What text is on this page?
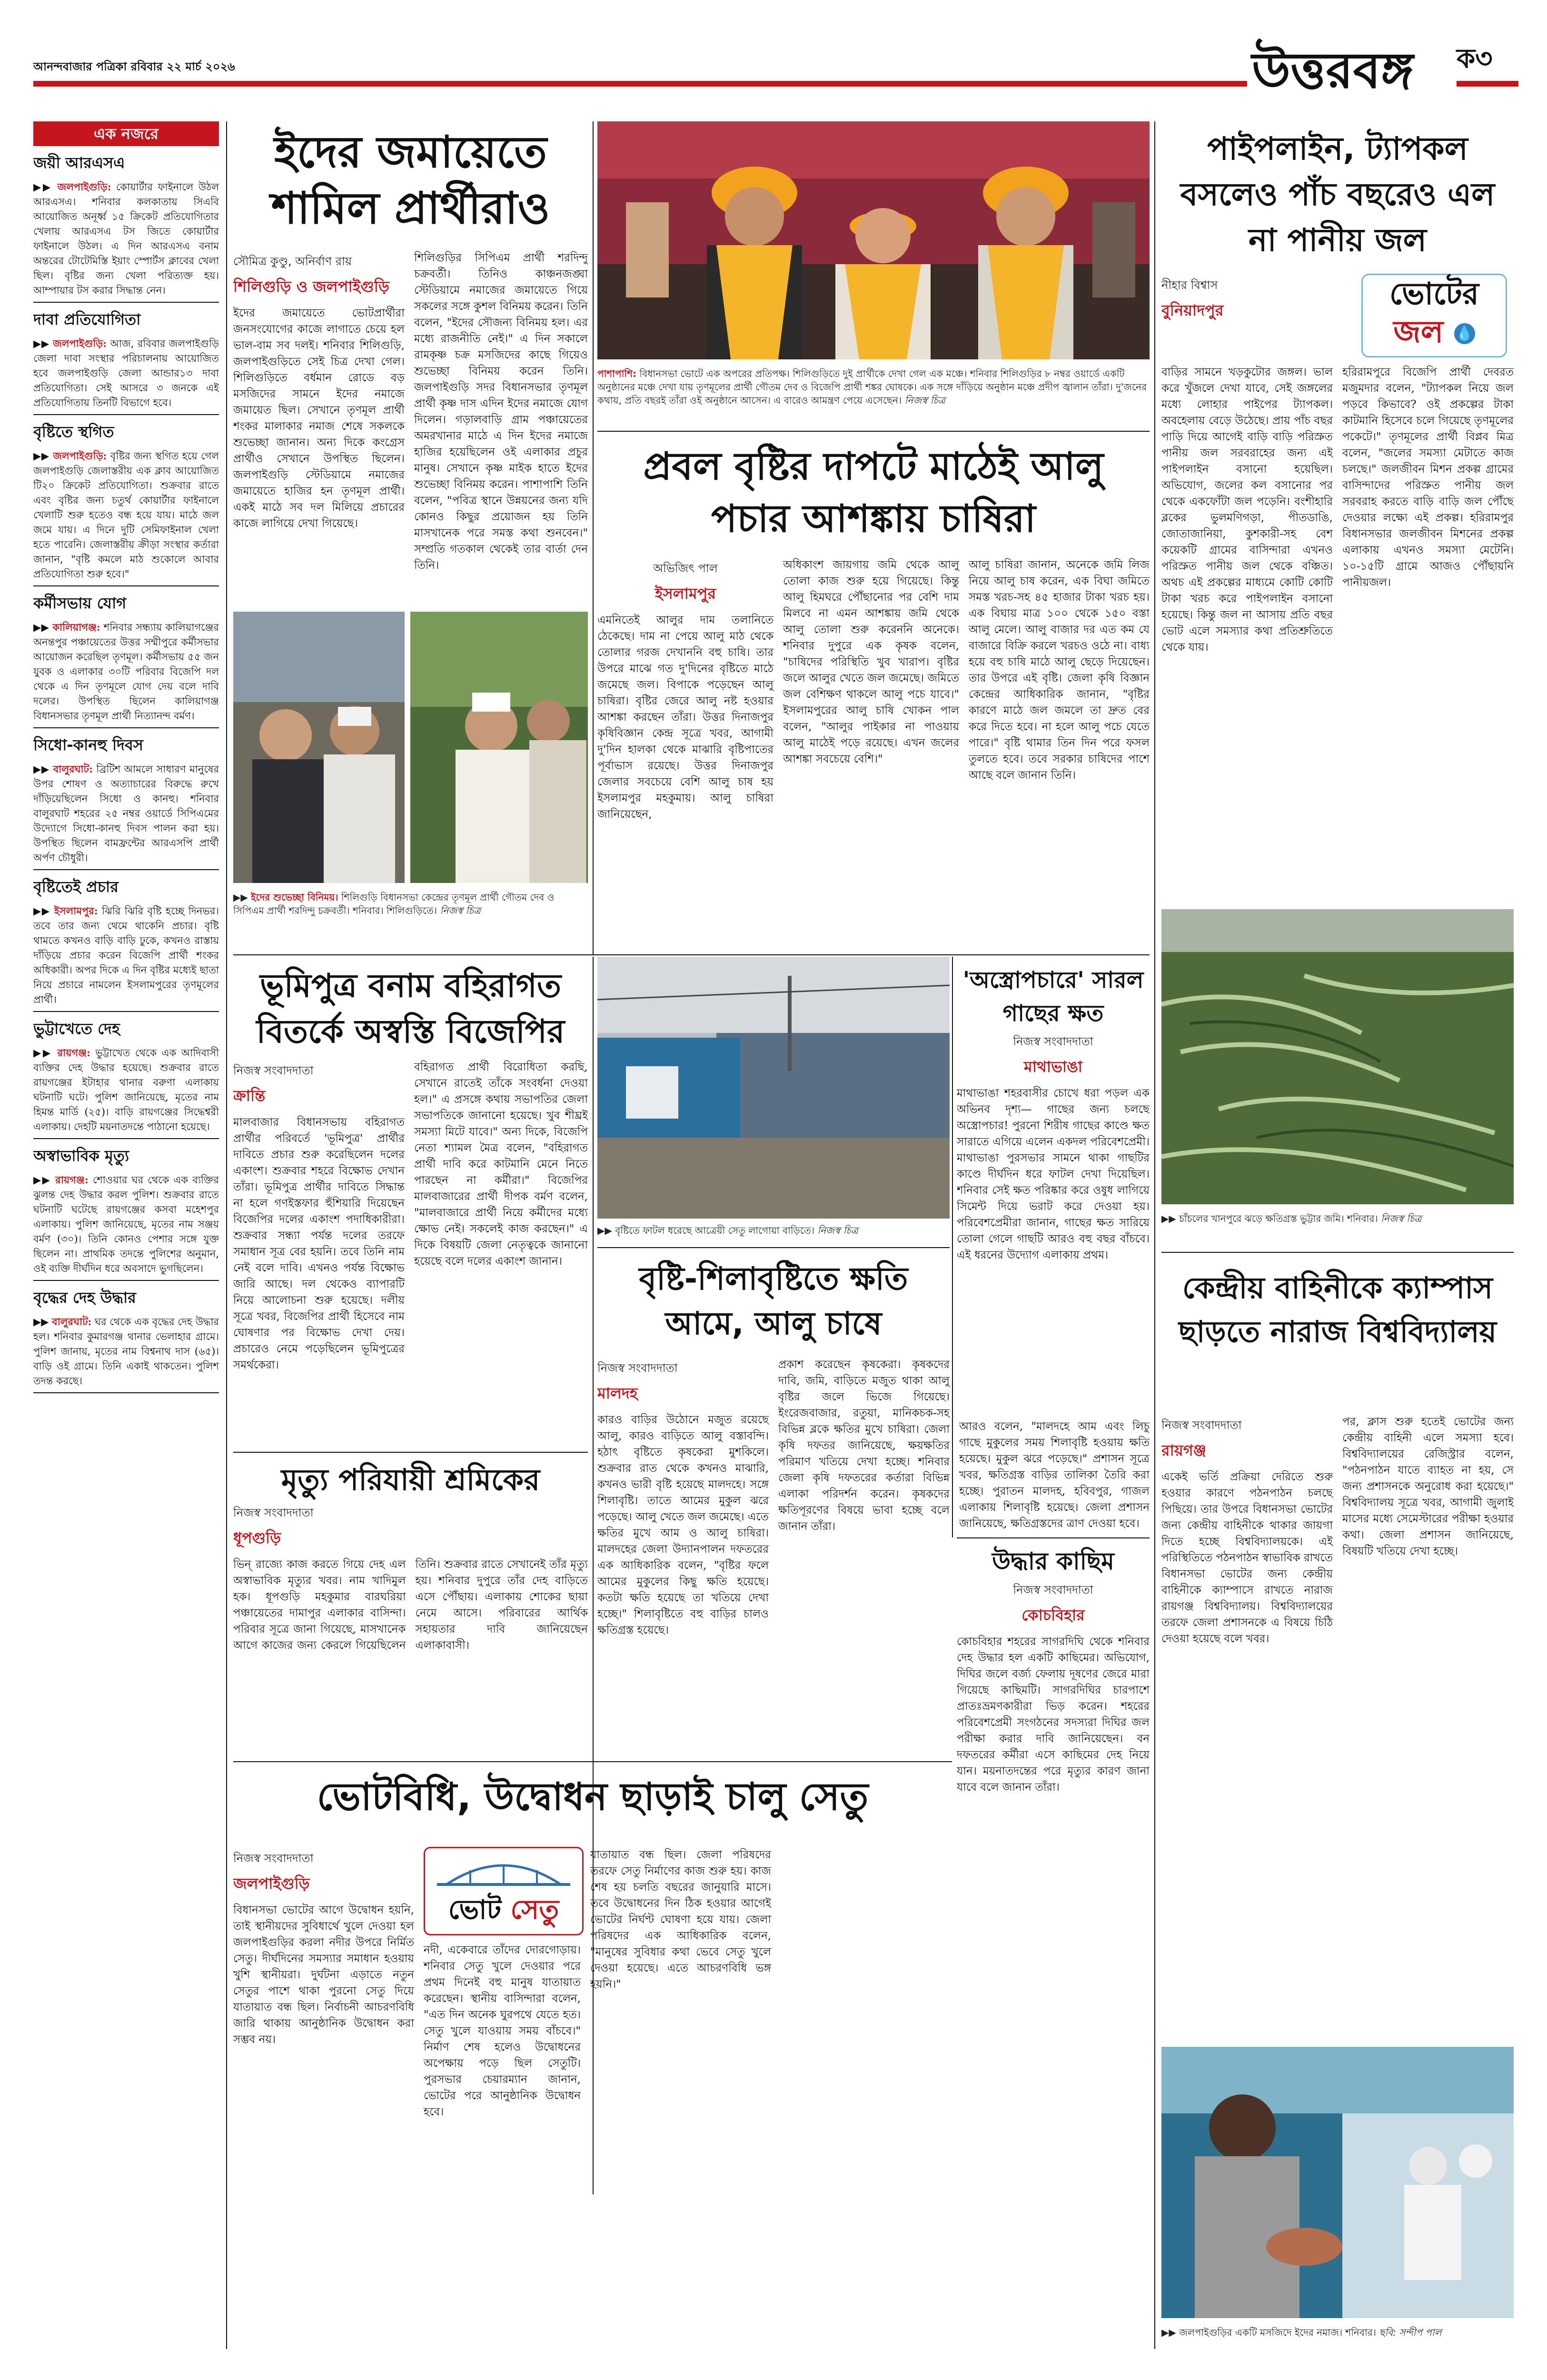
আনন্দবাজার পত্রিকা রবিবার ২২ মার্চ ২০২৬	উত্তরবঙ্গ ক৩
এক নজরে
জয়ী আরএসএ

▶▶ জলপাইগুড়ি: কোয়ার্টার ফাইনালে উঠল আরএসএ। শনিবার কলকাতায় সিএবি আয়োজিত অনূর্ধ্ব ১৫ ক্রিকেট প্রতিযোগিতার খেলায় আরএসএ টস জিতে কোয়ার্টার ফাইনালে উঠল। এ দিন আরএসএ বনাম অন্তরের টোটেমিস্তি ইয়াং স্পোর্টস ক্লাবের খেলা ছিল। বৃষ্টির জন্য খেলা পরিত্যক্ত হয়। আম্পায়ার টস করার সিদ্ধান্ত নেন।

দাবা প্রতিযোগিতা

▶▶ জলপাইগুড়ি: আজ, রবিবার জলপাইগুড়ি জেলা দাবা সংস্থার পরিচালনায় আয়োজিত হবে জলপাইগুড়ি জেলা আন্ডার১৩ দাবা প্রতিযোগিতা। সেই আসরে ৩ জনকে এই প্রতিযোগিতায় তিনটি বিভাগে হবে।

বৃষ্টিতে স্থগিত

▶▶ জলপাইগুড়ি: বৃষ্টির জন্য স্থগিত হয়ে গেল জলপাইগুড়ি জেলাস্তরীয় এক ক্লাব আয়োজিত টি২০ ক্রিকেট প্রতিযোগিতা। শুক্রবার রাতে এবং বৃষ্টির জন্য চতুর্থ কোয়ার্টার ফাইনালে খেলাটি শুরু হতেও বন্ধ হয়ে যায়। মাঠে জল জমে যায়। এ দিনে দুটি সেমিফাইনাল খেলা হতে পারেনি। জেলাস্তরীয় ক্রীড়া সংস্থার কর্তারা জানান, "বৃষ্টি কমলে মাঠ শুকোলে আবার প্রতিযোগিতা শুরু হবে।"

কর্মীসভায় যোগ

▶▶ কালিয়াগঞ্জ: শনিবার সন্ধ্যায় কালিয়াগঞ্জের অনন্তপুর পঞ্চায়েতের উত্তর সম্মীপুরে কর্মীসভার আয়োজন করেছিল তৃণমূল। কর্মীসভায় ৫৫ জন যুবক ও এলাকার ৩০টি পরিবার বিজেপি দল থেকে এ দিন তৃণমূলে যোগ দেয় বলে দাবি দলের। উপস্থিত ছিলেন কালিয়াগঞ্জ বিধানসভার তৃণমূল প্রার্থী নিত্যানন্দ বর্মণ।

সিধো-কানহু দিবস

▶▶ বালুরঘাট: ব্রিটিশ আমলে সাধারণ মানুষের উপর শোষণ ও অত্যাচারের বিরুদ্ধে রুখে দাঁড়িয়েছিলেন সিধো ও কানহু। শনিবার বালুরঘাট শহরের ২৫ নম্বর ওয়ার্ডে সিপিএমের উদ্যোগে সিধো-কানহু দিবস পালন করা হয়। উপস্থিত ছিলেন বামফ্রন্টের আরএসপি প্রার্থী অর্পণ চৌধুরী।

বৃষ্টিতেই প্রচার

▶▶ ইসলামপুর: ঝিরি ঝিরি বৃষ্টি হচ্ছে দিনভর। তবে তার জন্য থেমে থাকেনি প্রচার। বৃষ্টি থামতে কখনও বাড়ি বাড়ি ঢুকে, কখনও রাস্তায় দাঁড়িয়ে প্রচার করেন বিজেপি প্রার্থী শংকর অধিকারী। অপর দিকে এ দিন বৃষ্টির মধ্যেই ছাতা নিয়ে প্রচারে নামলেন ইসলামপুরের তৃণমূলের প্রার্থী।

ভুট্টাখেতে দেহ

▶▶ রায়গঞ্জ: ভুট্টাখেত থেকে এক আদিবাসী ব্যক্তির দেহ উদ্ধার হয়েছে। শুক্রবার রাতে রায়গঞ্জের ইটাহার থানার বরুণা এলাকায় ঘটনাটি ঘটে। পুলিশ জানিয়েছে, মৃতের নাম হিমন্ত মার্ডি (২৫)। বাড়ি রায়গঞ্জের সিদ্ধেশ্বরী এলাকায়। দেহটি ময়নাতদন্তে পাঠানো হয়েছে।

অস্বাভাবিক মৃত্যু

▶▶ রায়গঞ্জ: শোওয়ার ঘর থেকে এক ব্যক্তির ঝুলন্ত দেহ উদ্ধার করল পুলিশ। শুক্রবার রাতে ঘটনাটি ঘটেছে রায়গঞ্জের কসবা মহেশপুর এলাকায়। পুলিশ জানিয়েছে, মৃতের নাম সঞ্জয় বর্মণ (৩০)। তিনি কোনও পেশার সঙ্গে যুক্ত ছিলেন না। প্রাথমিক তদন্তে পুলিশের অনুমান, ওই ব্যক্তি দীর্ঘদিন ধরে অবসাদে ভুগছিলেন।

বৃদ্ধের দেহ উদ্ধার

▶▶ বালুরঘাট: ঘর থেকে এক বৃদ্ধের দেহ উদ্ধার হল। শনিবার কুমারগঞ্জ থানার ভেলাহার গ্রামে। পুলিশ জানায়, মৃতের নাম বিশ্বনাথ দাস (৬৫)। বাড়ি ওই গ্রামে। তিনি একাই থাকতেন। পুলিশ তদন্ত করছে।

ইদের জমায়েতে শামিল প্রার্থীরাও
সৌমিত্র কুণ্ডু, অনির্বাণ রায়
শিলিগুড়ি ও জলপাইগুড়ি

ইদের জমায়েতে ভোটপ্রার্থীরা জনসংযোগের কাজে লাগাতে চেয়ে হল ভাল-বাম সব দলই। শনিবার শিলিগুড়ি, জলপাইগুড়িতে সেই চিত্র দেখা গেল। শিলিগুড়িতে বর্ধমান রোডে বড় মসজিদের সামনে ইদের নমাজে জমায়েত ছিল। সেখানে তৃণমূল প্রার্থী শংকর মালাকার নমাজ শেষে সকলকে শুভেচ্ছা জানান। অন্য দিকে কংগ্রেস প্রার্থীও সেখানে উপস্থিত ছিলেন। জলপাইগুড়ি স্টেডিয়ামে নমাজের জমায়েতে হাজির হন তৃণমূল প্রার্থী। একই মাঠে সব দল মিলিয়ে প্রচারের কাজে লাগিয়ে দেখা গিয়েছে।

শিলিগুড়ির সিপিএম প্রার্থী শরদিন্দু চক্রবর্তী। তিনিও কাঞ্চনজঙ্ঘা স্টেডিয়ামে নমাজের জমায়েতে গিয়ে সকলের সঙ্গে কুশল বিনিময় করেন। তিনি বলেন, "ইদের সৌজন্য বিনিময় হল। এর মধ্যে রাজনীতি নেই।" এ দিন সকালে রামকৃষ্ণ চক্র মসজিদের কাছে গিয়েও শুভেচ্ছা বিনিময় করেন তিনি। জলপাইগুড়ি সদর বিধানসভার তৃণমূল প্রার্থী কৃষ্ণ দাস এদিন ইদের নমাজে যোগ দিলেন। গড়ালবাড়ি গ্রাম পঞ্চায়েতের অমরখানার মাঠে এ দিন ইদের নমাজে হাজির হয়েছিলেন ওই এলাকার প্রচুর মানুষ। সেখানে কৃষ্ণ মাইক হাতে ইদের শুভেচ্ছা বিনিময় করেন। পাশাপাশি তিনি বলেন, "পবিত্র স্থানে উন্নয়নের জন্য যদি কোনও কিছুর প্রয়োজন হয় তিনি মাসখানেক পরে সমস্ত কথা শুনবেন।" সম্প্রতি গতকাল থেকেই তার বার্তা দেন তিনি।

▶▶ ইদের শুভেচ্ছা বিনিময়। শিলিগুড়ি বিধানসভা কেন্দ্রের তৃণমূল প্রার্থী গৌতম দেব ও সিপিএম প্রার্থী শরদিন্দু চক্রবর্তী। শনিবার। শিলিগুড়িতে। নিজস্ব চিত্র

পাশাপাশি: বিধানসভা ভোটে এক অপরের প্রতিপক্ষ। শিলিগুড়িতে দুই প্রার্থীকে দেখা গেল এক মঞ্চে। শনিবার শিলিগুড়ির ৮ নম্বর ওয়ার্ডে একটি অনুষ্ঠানের মঞ্চে দেখা যায় তৃণমূলের প্রার্থী গৌতম দেব ও বিজেপি প্রার্থী শঙ্কর ঘোষকে। এক সঙ্গে দাঁড়িয়ে অনুষ্ঠান মঞ্চে প্রদীপ জ্বালান তাঁরা। দু'জনের কথায়, প্রতি বছরই তাঁরা ওই অনুষ্ঠানে আসেন। এ বারেও আমন্ত্রণ পেয়ে এসেছেন। নিজস্ব চিত্র

প্রবল বৃষ্টির দাপটে মাঠেই আলু পচার আশঙ্কায় চাষিরা
অভিজিৎ পাল
ইসলামপুর

এমনিতেই আলুর দাম তলানিতে ঠেকেছে। দাম না পেয়ে আলু মাঠ থেকে তোলার গরজ দেখাননি বহু চাষি। তার উপরে মাঝে গত দু'দিনের বৃষ্টিতে মাঠে জমেছে জল। বিপাকে পড়েছেন আলু চাষিরা। বৃষ্টির জেরে আলু নষ্ট হওয়ার আশঙ্কা করছেন তাঁরা। উত্তর দিনাজপুর কৃষিবিজ্ঞান কেন্দ্র সূত্রে খবর, আগামী দু'দিন হালকা থেকে মাঝারি বৃষ্টিপাতের পূর্বাভাস রয়েছে। উত্তর দিনাজপুর জেলার সবচেয়ে বেশি আলু চাষ হয় ইসলামপুর মহকুমায়। আলু চাষিরা জানিয়েছেন,

অধিকাংশ জায়গায় জমি থেকে আলু তোলা কাজ শুরু হয়ে গিয়েছে। কিন্তু আলু হিমঘরে পৌঁছানোর পর বেশি দাম মিলবে না এমন আশঙ্কায় জমি থেকে আলু তোলা শুরু করেননি অনেকে। শনিবার দুপুরে এক কৃষক বলেন, "চাষিদের পরিস্থিতি খুব খারাপ। বৃষ্টির জলে আলুর খেতে জল জমেছে। জমিতে জল বেশিক্ষণ থাকলে আলু পচে যাবে।" ইসলামপুরের আলু চাষি খোকন পাল বলেন, "আলুর পাইকার না পাওয়ায় আলু মাঠেই পড়ে রয়েছে। এখন জলের আশঙ্কা সবচেয়ে বেশি।"

আলু চাষিরা জানান, অনেকে জমি লিজ নিয়ে আলু চাষ করেন, এক বিঘা জমিতে সমস্ত খরচ-সহ ৪৫ হাজার টাকা খরচ হয়। এক বিঘায় মাত্র ১০০ থেকে ১৫০ বস্তা আলু মেলে। আলু বাজার দর এত কম যে বাজারে বিক্রি করলে খরচও ওঠে না। বাধ্য হয়ে বহু চাষি মাঠে আলু ছেড়ে দিয়েছেন। তার উপরে এই বৃষ্টি। জেলা কৃষি বিজ্ঞান কেন্দ্রের আধিকারিক জানান, "বৃষ্টির কারণে মাঠে জল জমলে তা দ্রুত বের করে দিতে হবে। না হলে আলু পচে যেতে পারে।" বৃষ্টি থামার তিন দিন পরে ফসল তুলতে হবে। তবে সরকার চাষিদের পাশে আছে বলে জানান তিনি।

পাইপলাইন, ট্যাপকল বসলেও পাঁচ বছরেও এল না পানীয় জল
নীহার বিশ্বাস
বুনিয়াদপুর	ভোটের
জল 💧

বাড়ির সামনে খড়কুটোর জঙ্গল। ভাল করে খুঁজলে দেখা যাবে, সেই জঙ্গলের মধ্যে লোহার পাইপের ট্যাপকল। অবহেলায় বেড়ে উঠেছে। প্রায় পাঁচ বছর পাড়ি দিয়ে আগেই বাড়ি বাড়ি পরিস্রুত পানীয় জল সরবরাহের জন্য এই পাইপলাইন বসানো হয়েছিল। অভিযোগ, জলের কল বসানোর পর থেকে একফোঁটা জল পড়েনি। বংশীহারি ব্লকের ভুলমণিগড়া, পীতডাঙি, জোতাজানিয়া, কুশকারী-সহ বেশ কয়েকটি গ্রামের বাসিন্দারা এখনও পরিস্রুত পানীয় জল থেকে বঞ্চিত। অথচ এই প্রকল্পের মাধ্যমে কোটি কোটি টাকা খরচ করে পাইপলাইন বসানো হয়েছে। কিন্তু জল না আসায় প্রতি বছর ভোট এলে সমস্যার কথা প্রতিশ্রুতিতে থেকে যায়।

হরিরামপুরে বিজেপি প্রার্থী দেবরত মজুমদার বলেন, "ট্যাপকল নিয়ে জল পড়বে কিভাবে? ওই প্রকল্পের টাকা কাটমানি হিসেবে চলে গিয়েছে তৃণমূলের পকেটে।" তৃণমূলের প্রার্থী বিপ্লব মিত্র বলেন, "জলের সমস্যা মেটাতে কাজ চলছে।" জলজীবন মিশন প্রকল্প গ্রামের বাসিন্দাদের পরিস্রুত পানীয় জল সরবরাহ করতে বাড়ি বাড়ি জল পৌঁছে দেওয়ার লক্ষ্যে এই প্রকল্প। হরিরামপুর বিধানসভার জলজীবন মিশনের প্রকল্প এলাকায় এখনও সমস্যা মেটেনি। ১০-১৫টি গ্রামে আজও পৌঁছায়নি পানীয়জল।

▶▶ চাঁচলের খানপুরে ঝড়ে ক্ষতিগ্রস্ত ভুট্টার জমি। শনিবার। নিজস্ব চিত্র

কেন্দ্রীয় বাহিনীকে ক্যাম্পাস ছাড়তে নারাজ বিশ্ববিদ্যালয়
নিজস্ব সংবাদদাতা
রায়গঞ্জ

একেই ভর্তি প্রক্রিয়া দেরিতে শুরু হওয়ার কারণে পঠনপাঠন চলছে পিছিয়ে। তার উপরে বিধানসভা ভোটের জন্য কেন্দ্রীয় বাহিনীকে থাকার জায়গা দিতে হচ্ছে বিশ্ববিদ্যালয়কে। এই পরিস্থিতিতে পঠনপাঠন স্বাভাবিক রাখতে বিধানসভা ভোটের জন্য কেন্দ্রীয় বাহিনীকে ক্যাম্পাসে রাখতে নারাজ রায়গঞ্জ বিশ্ববিদ্যালয়। বিশ্ববিদ্যালয়ের তরফে জেলা প্রশাসনকে এ বিষয়ে চিঠি দেওয়া হয়েছে বলে খবর।

পর, ক্লাস শুরু হতেই ভোটের জন্য কেন্দ্রীয় বাহিনী এলে সমস্যা হবে। বিশ্ববিদ্যালয়ের রেজিস্ট্রার বলেন, "পঠনপাঠন যাতে ব্যাহত না হয়, সে জন্য প্রশাসনকে অনুরোধ করা হয়েছে।" বিশ্ববিদ্যালয় সূত্রে খবর, আগামী জুলাই মাসের মধ্যে সেমেস্টারের পরীক্ষা হওয়ার কথা। জেলা প্রশাসন জানিয়েছে, বিষয়টি খতিয়ে দেখা হচ্ছে।

▶▶ জলপাইগুড়ির একটি মসজিদে ইদের নমাজ। শনিবার। ছবি: সন্দীপ পাল

ভূমিপুত্র বনাম বহিরাগত বিতর্কে অস্বস্তি বিজেপির
নিজস্ব সংবাদদাতা
ক্রান্তি

মালবাজার বিধানসভায় বহিরাগত প্রার্থীর পরিবর্তে 'ভূমিপুত্র' প্রার্থীর দাবিতে প্রচার শুরু করেছিলেন দলের একাংশ। শুক্রবার শহরে বিক্ষোভ দেখান তাঁরা। ভূমিপুত্র প্রার্থীর দাবিতে সিদ্ধান্ত না হলে গণইস্তফার হুঁশিয়ারি দিয়েছেন বিজেপির দলের একাংশ পদাধিকারীরা। শুক্রবার সন্ধ্যা পর্যন্ত দলের তরফে সমাধান সূত্র বের হয়নি। তবে তিনি নাম নেই বলে দাবি। এখনও পর্যন্ত বিক্ষোভ জারি আছে। দল থেকেও ব্যাপারটি নিয়ে আলোচনা শুরু হয়েছে। দলীয় সূত্রে খবর, বিজেপির প্রার্থী হিসেবে নাম ঘোষণার পর বিক্ষোভ দেখা দেয়। প্রচারেও নেমে পড়েছিলেন ভূমিপুত্রের সমর্থকেরা।

বহিরাগত প্রার্থী বিরোধিতা করছি, সেখানে রাতেই তাঁকে সংবর্ধনা দেওয়া হল।" এ প্রসঙ্গে কথায় সভাপতির জেলা সভাপতিকে জানানো হয়েছে। খুব শীঘ্রই সমস্যা মিটে যাবে।" অন্য দিকে, বিজেপি নেতা শ্যামল মৈত্র বলেন, "বহিরাগত প্রার্থী দাবি করে কাটমানি মেনে নিতে পারছেন না কর্মীরা।" বিজেপির মালবাজারের প্রার্থী দীপক বর্মণ বলেন, "মালবাজারে প্রার্থী নিয়ে কর্মীদের মধ্যে ক্ষোভ নেই। সকলেই কাজ করছেন।" এ দিকে বিষয়টি জেলা নেতৃত্বকে জানানো হয়েছে বলে দলের একাংশ জানান।

▶▶ বৃষ্টিতে ফাটল ধরেছে আত্রেয়ী সেতু লাগোয়া বাড়িতে। নিজস্ব চিত্র

'অস্ত্রোপচারে' সারল গাছের ক্ষত
নিজস্ব সংবাদদাতা
মাথাভাঙা

মাথাভাঙা শহরবাসীর চোখে ধরা পড়ল এক অভিনব দৃশ্য— গাছের জন্য চলছে অস্ত্রোপচার! পুরনো শিরীষ গাছের কাণ্ডে ক্ষত সারাতে এগিয়ে এলেন একদল পরিবেশপ্রেমী। মাথাভাঙা পুরসভার সামনে থাকা গাছটির কাণ্ডে দীর্ঘদিন ধরে ফাটল দেখা দিয়েছিল। শনিবার সেই ক্ষত পরিষ্কার করে ওষুধ লাগিয়ে সিমেন্ট দিয়ে ভরাট করে দেওয়া হয়। পরিবেশপ্রেমীরা জানান, গাছের ক্ষত সারিয়ে তোলা গেলে গাছটি আরও বহু বছর বাঁচবে। এই ধরনের উদ্যোগ এলাকায় প্রথম।

বৃষ্টি-শিলাবৃষ্টিতে ক্ষতি আমে, আলু চাষে
নিজস্ব সংবাদদাতা
মালদহ

কারও বাড়ির উঠোনে মজুত রয়েছে আলু, কারও বাড়িতে আলু বস্তাবন্দি। হঠাৎ বৃষ্টিতে কৃষকেরা মুশকিলে। শুক্রবার রাত থেকে কখনও মাঝারি, কখনও ভারী বৃষ্টি হয়েছে মালদহে। সঙ্গে শিলাবৃষ্টি। তাতে আমের মুকুল ঝরে পড়েছে। আলু খেতে জল জমেছে। এতে ক্ষতির মুখে আম ও আলু চাষিরা। মালদহের জেলা উদ্যানপালন দফতরের এক আধিকারিক বলেন, "বৃষ্টির ফলে আমের মুকুলের কিছু ক্ষতি হয়েছে। কতটা ক্ষতি হয়েছে তা খতিয়ে দেখা হচ্ছে।" শিলাবৃষ্টিতে বহু বাড়ির চালও ক্ষতিগ্রস্ত হয়েছে।

প্রকাশ করেছেন কৃষকেরা। কৃষকদের দাবি, জমি, বাড়িতে মজুত থাকা আলু বৃষ্টির জলে ভিজে গিয়েছে। ইংরেজবাজার, রতুয়া, মানিকচক-সহ বিভিন্ন ব্লকে ক্ষতির মুখে চাষিরা। জেলা কৃষি দফতর জানিয়েছে, ক্ষয়ক্ষতির পরিমাণ খতিয়ে দেখা হচ্ছে। শনিবার জেলা কৃষি দফতরের কর্তারা বিভিন্ন এলাকা পরিদর্শন করেন। কৃষকদের ক্ষতিপূরণের বিষয়ে ভাবা হচ্ছে বলে জানান তাঁরা।

আরও বলেন, "মালদহে আম এবং লিচু গাছে মুকুলের সময় শিলাবৃষ্টি হওয়ায় ক্ষতি হয়েছে। মুকুল ঝরে পড়েছে।" প্রশাসন সূত্রে খবর, ক্ষতিগ্রস্ত বাড়ির তালিকা তৈরি করা হচ্ছে। পুরাতন মালদহ, হবিবপুর, গাজল এলাকায় শিলাবৃষ্টি হয়েছে। জেলা প্রশাসন জানিয়েছে, ক্ষতিগ্রস্তদের ত্রাণ দেওয়া হবে।

উদ্ধার কাছিম
নিজস্ব সংবাদদাতা
কোচবিহার

কোচবিহার শহরের সাগরদিঘি থেকে শনিবার দেহ উদ্ধার হল একটি কাছিমের। অভিযোগ, দিঘির জলে বর্জ্য ফেলায় দূষণের জেরে মারা গিয়েছে কাছিমটি। সাগরদিঘির চারপাশে প্রাতঃভ্রমণকারীরা ভিড় করেন। শহরের পরিবেশপ্রেমী সংগঠনের সদস্যরা দিঘির জল পরীক্ষা করার দাবি জানিয়েছেন। বন দফতরের কর্মীরা এসে কাছিমের দেহ নিয়ে যান। ময়নাতদন্তের পরে মৃত্যুর কারণ জানা যাবে বলে জানান তাঁরা।

মৃত্যু পরিযায়ী শ্রমিকের
নিজস্ব সংবাদদাতা
ধূপগুড়ি

ভিন্ রাজ্যে কাজ করতে গিয়ে দেহ এল অস্বাভাবিক মৃত্যুর খবর। নাম খাদিমুল হক। ধূপগুড়ি মহকুমার বারঘরিয়া পঞ্চায়েতের দামাপুর এলাকার বাসিন্দা। পরিবার সূত্রে জানা গিয়েছে, মাসখানেক আগে কাজের জন্য কেরলে গিয়েছিলেন তিনি। শুক্রবার রাতে সেখানেই তাঁর মৃত্যু হয়। শনিবার দুপুরে তাঁর দেহ বাড়িতে এসে পৌঁছায়। এলাকায় শোকের ছায়া নেমে আসে। পরিবারের আর্থিক সহায়তার দাবি জানিয়েছেন এলাকাবাসী।

ভোটবিধি, উদ্বোধন ছাড়াই চালু সেতু
নিজস্ব সংবাদদাতা
জলপাইগুড়ি

বিধানসভা ভোটের আগে উদ্বোধন হয়নি, তাই স্থানীয়দের সুবিধার্থে খুলে দেওয়া হল জলপাইগুড়ির করলা নদীর উপরে নির্মিত সেতু। দীর্ঘদিনের সমস্যার সমাধান হওয়ায় খুশি স্থানীয়রা। দুর্ঘটনা এড়াতে নতুন সেতুর পাশে থাকা পুরনো সেতু দিয়ে যাতায়াত বন্ধ ছিল। নির্বাচনী আচরণবিধি জারি থাকায় আনুষ্ঠানিক উদ্বোধন করা সম্ভব নয়।

ভোট সেতু

নদী, একেবারে তাঁদের দোরগোড়ায়। শনিবার সেতু খুলে দেওয়ার পরে প্রথম দিনেই বহু মানুষ যাতায়াত করেছেন। স্থানীয় বাসিন্দারা বলেন, "এত দিন অনেক ঘুরপথে যেতে হত। সেতু খুলে যাওয়ায় সময় বাঁচবে।" নির্মাণ শেষ হলেও উদ্বোধনের অপেক্ষায় পড়ে ছিল সেতুটি। পুরসভার চেয়ারম্যান জানান, ভোটের পরে আনুষ্ঠানিক উদ্বোধন হবে।

যাতায়াত বন্ধ ছিল। জেলা পরিষদের তরফে সেতু নির্মাণের কাজ শুরু হয়। কাজ শেষ হয় চলতি বছরের জানুয়ারি মাসে। তবে উদ্বোধনের দিন ঠিক হওয়ার আগেই ভোটের নির্ঘণ্ট ঘোষণা হয়ে যায়। জেলা পরিষদের এক আধিকারিক বলেন, "মানুষের সুবিধার কথা ভেবে সেতু খুলে দেওয়া হয়েছে। এতে আচরণবিধি ভঙ্গ হয়নি।"
